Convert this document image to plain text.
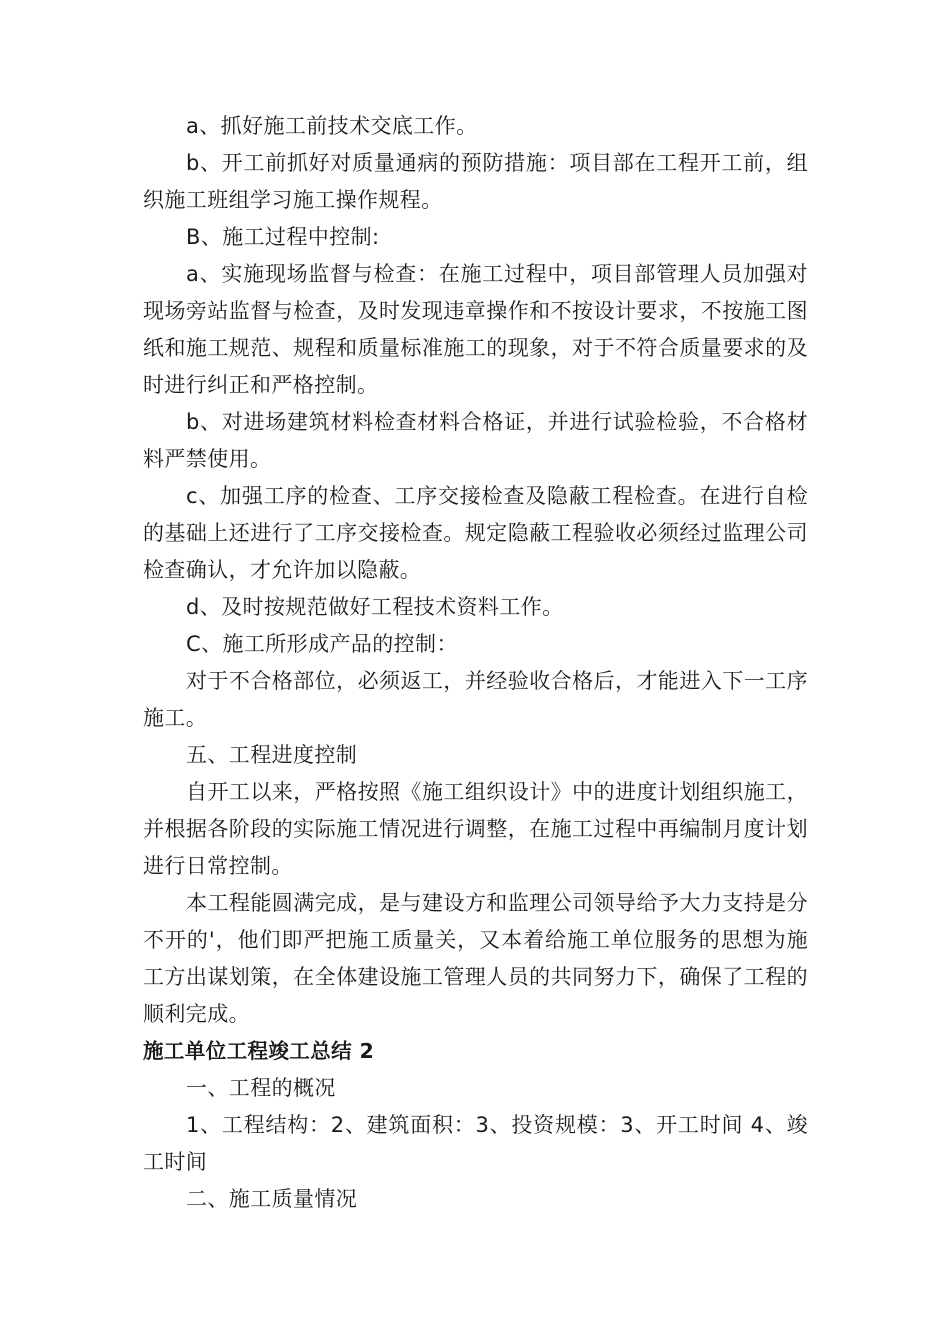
a、抓好施工前技术交底工作。

b、开工前抓好对质量通病的预防措施：项目部在工程开工前，组织施工班组学习施工操作规程。

B、施工过程中控制:

a、实施现场监督与检查：在施工过程中，项目部管理人员加强对现场旁站监督与检查，及时发现违章操作和不按设计要求，不按施工图纸和施工规范、规程和质量标准施工的现象，对于不符合质量要求的及时进行纠正和严格控制。

b、对进场建筑材料检查材料合格证，并进行试验检验，不合格材料严禁使用。

c、加强工序的检查、工序交接检查及隐蔽工程检查。在进行自检的基础上还进行了工序交接检查。规定隐蔽工程验收必须经过监理公司检查确认，才允许加以隐蔽。

d、及时按规范做好工程技术资料工作。

C、施工所形成产品的控制：

对于不合格部位，必须返工，并经验收合格后，才能进入下一工序施工。

五、工程进度控制

自开工以来，严格按照《施工组织设计》中的进度计划组织施工，并根据各阶段的实际施工情况进行调整，在施工过程中再编制月度计划进行日常控制。

本工程能圆满完成，是与建设方和监理公司领导给予大力支持是分不开的'，他们即严把施工质量关，又本着给施工单位服务的思想为施工方出谋划策，在全体建设施工管理人员的共同努力下，确保了工程的顺利完成。

施工单位工程竣工总结 2

一、工程的概况

1、工程结构：2、建筑面积：3、投资规模：3、开工时间 4、竣工时间

二、施工质量情况
